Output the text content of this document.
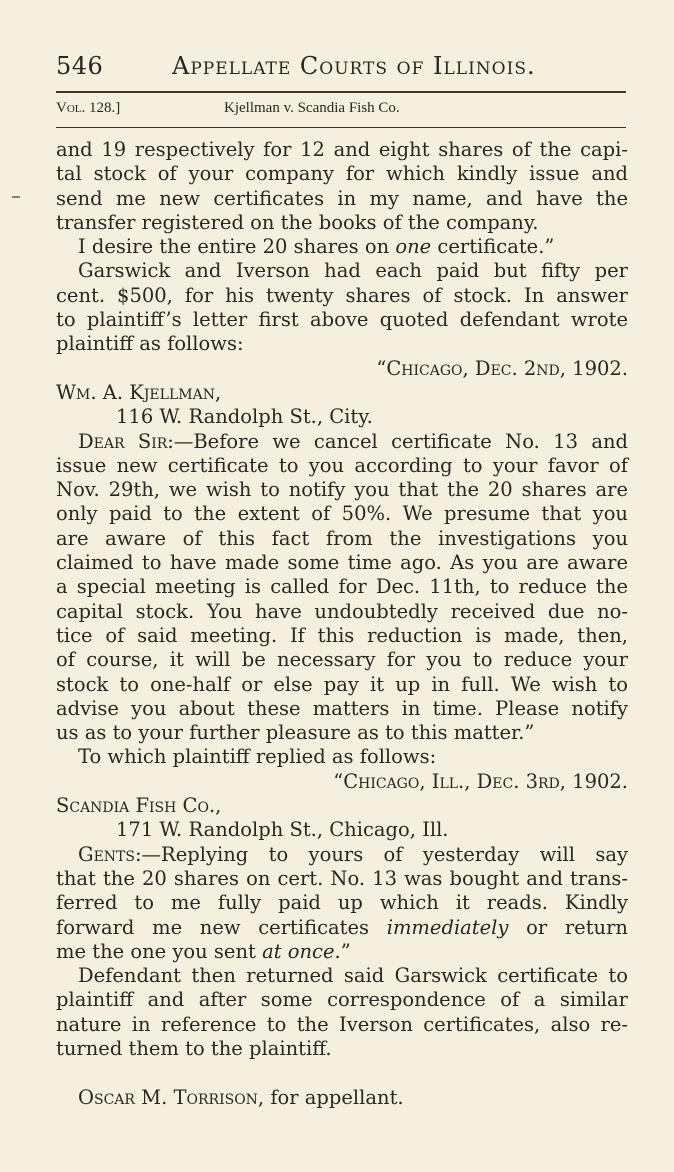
546	Appellate Courts of Illinois.
Vol. 128.]	Kjellman v. Scandia Fish Co.
and 19 respectively for 12 and eight shares of the capi-
tal stock of your company for which kindly issue and
send me new certificates in my name, and have the
transfer registered on the books of the company.
I desire the entire 20 shares on one certificate.”
Garswick and Iverson had each paid but fifty per
cent. $500, for his twenty shares of stock. In answer
to plaintiff’s letter first above quoted defendant wrote
plaintiff as follows:
“Chicago, Dec. 2nd, 1902.
Wm. A. Kjellman,
116 W. Randolph St., City.
Dear Sir:—Before we cancel certificate No. 13 and
issue new certificate to you according to your favor of
Nov. 29th, we wish to notify you that the 20 shares are
only paid to the extent of 50%. We presume that you
are aware of this fact from the investigations you
claimed to have made some time ago. As you are aware
a special meeting is called for Dec. 11th, to reduce the
capital stock. You have undoubtedly received due no-
tice of said meeting. If this reduction is made, then,
of course, it will be necessary for you to reduce your
stock to one-half or else pay it up in full. We wish to
advise you about these matters in time. Please notify
us as to your further pleasure as to this matter.”
To which plaintiff replied as follows:
“Chicago, Ill., Dec. 3rd, 1902.
Scandia Fish Co.,
171 W. Randolph St., Chicago, Ill.
Gents:—Replying to yours of yesterday will say
that the 20 shares on cert. No. 13 was bought and trans-
ferred to me fully paid up which it reads. Kindly
forward me new certificates immediately or return
me the one you sent at once.”
Defendant then returned said Garswick certificate to
plaintiff and after some correspondence of a similar
nature in reference to the Iverson certificates, also re-
turned them to the plaintiff.
Oscar M. Torrison, for appellant.
